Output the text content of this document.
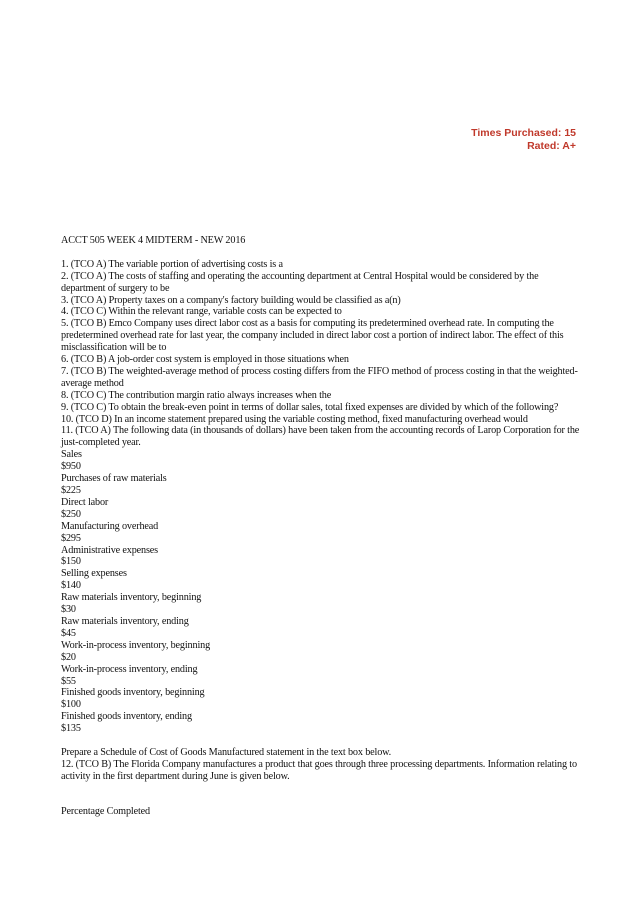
Times Purchased: 15
Rated: A+
ACCT 505 WEEK 4 MIDTERM - NEW 2016
1. (TCO A) The variable portion of advertising costs is a
2. (TCO A) The costs of staffing and operating the accounting department at Central Hospital would be considered by the department of surgery to be
3. (TCO A) Property taxes on a company's factory building would be classified as a(n)
4. (TCO C) Within the relevant range, variable costs can be expected to
5. (TCO B) Emco Company uses direct labor cost as a basis for computing its predetermined overhead rate. In computing the predetermined overhead rate for last year, the company included in direct labor cost a portion of indirect labor. The effect of this misclassification will be to
6. (TCO B) A job-order cost system is employed in those situations when
7. (TCO B) The weighted-average method of process costing differs from the FIFO method of process costing in that the weighted-average method
8. (TCO C) The contribution margin ratio always increases when the
9. (TCO C) To obtain the break-even point in terms of dollar sales, total fixed expenses are divided by which of the following?
10. (TCO D) In an income statement prepared using the variable costing method, fixed manufacturing overhead would
11. (TCO A) The following data (in thousands of dollars) have been taken from the accounting records of Larop Corporation for the just-completed year.
Sales
$950
Purchases of raw materials
$225
Direct labor
$250
Manufacturing overhead
$295
Administrative expenses
$150
Selling expenses
$140
Raw materials inventory, beginning
$30
Raw materials inventory, ending
$45
Work-in-process inventory, beginning
$20
Work-in-process inventory, ending
$55
Finished goods inventory, beginning
$100
Finished goods inventory, ending
$135
Prepare a Schedule of Cost of Goods Manufactured statement in the text box below.
12. (TCO B) The Florida Company manufactures a product that goes through three processing departments. Information relating to activity in the first department during June is given below.
Percentage Completed
